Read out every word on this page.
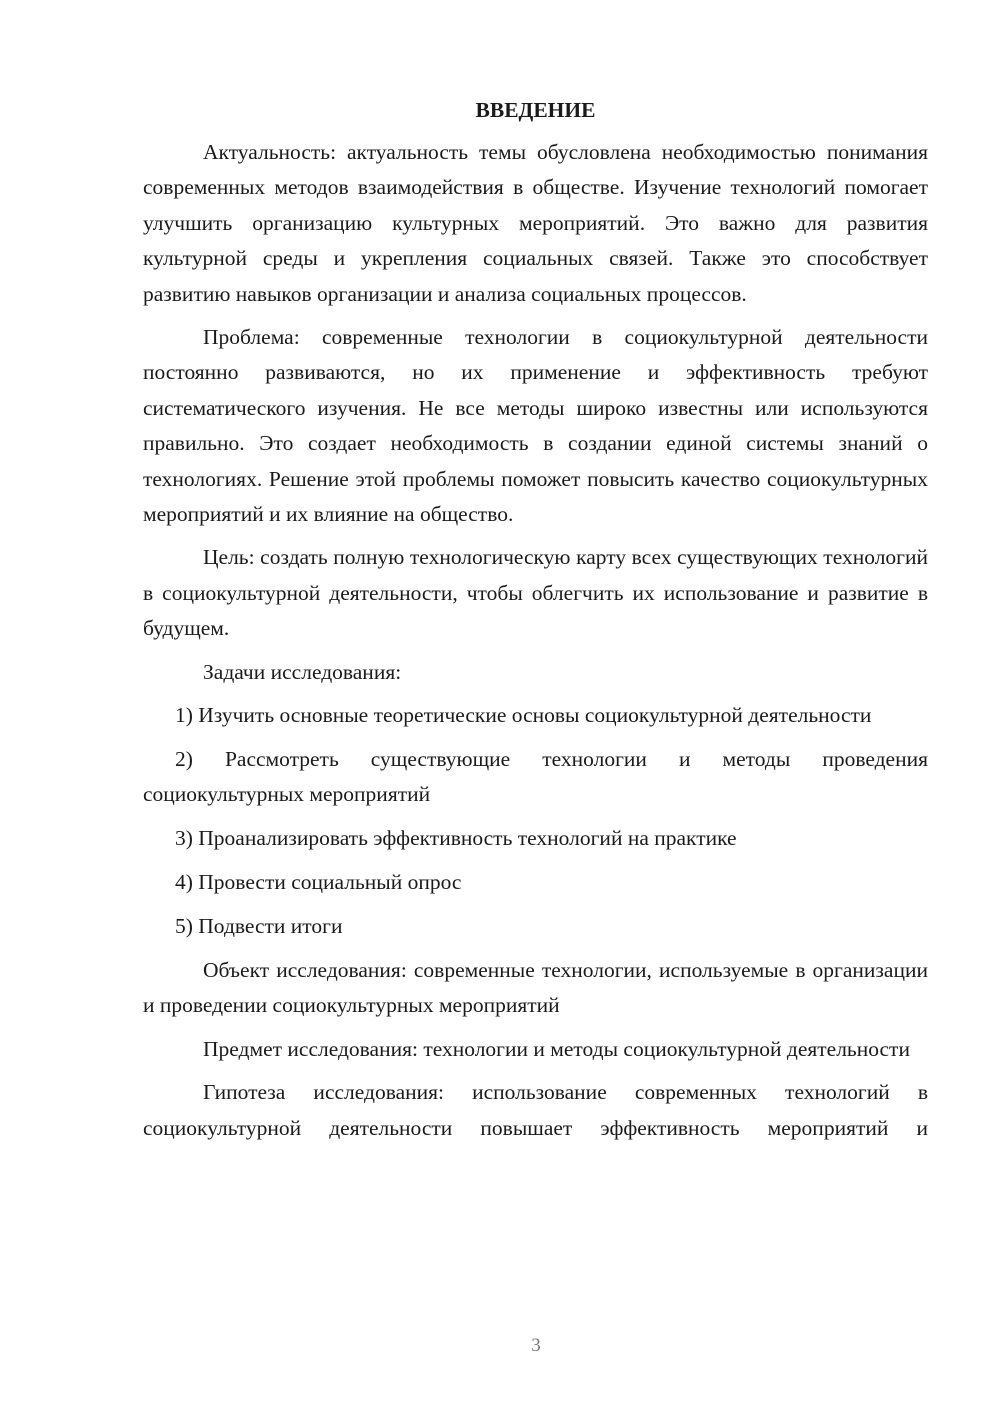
ВВЕДЕНИЕ

Актуальность: актуальность темы обусловлена необходимостью понимания современных методов взаимодействия в обществе. Изучение технологий помогает улучшить организацию культурных мероприятий. Это важно для развития культурной среды и укрепления социальных связей. Также это способствует развитию навыков организации и анализа социальных процессов.

Проблема: современные технологии в социокультурной деятельности постоянно развиваются, но их применение и эффективность требуют систематического изучения. Не все методы широко известны или используются правильно. Это создает необходимость в создании единой системы знаний о технологиях. Решение этой проблемы поможет повысить качество социокультурных мероприятий и их влияние на общество.

Цель: создать полную технологическую карту всех существующих технологий в социокультурной деятельности, чтобы облегчить их использование и развитие в будущем.

Задачи исследования:

1) Изучить основные теоретические основы социокультурной деятельности

2) Рассмотреть существующие технологии и методы проведения социокультурных мероприятий

3) Проанализировать эффективность технологий на практике

4) Провести социальный опрос

5) Подвести итоги

Объект исследования: современные технологии, используемые в организации и проведении социокультурных мероприятий

Предмет исследования: технологии и методы социокультурной деятельности

Гипотеза исследования: использование современных технологий в социокультурной деятельности повышает эффективность мероприятий и

3
